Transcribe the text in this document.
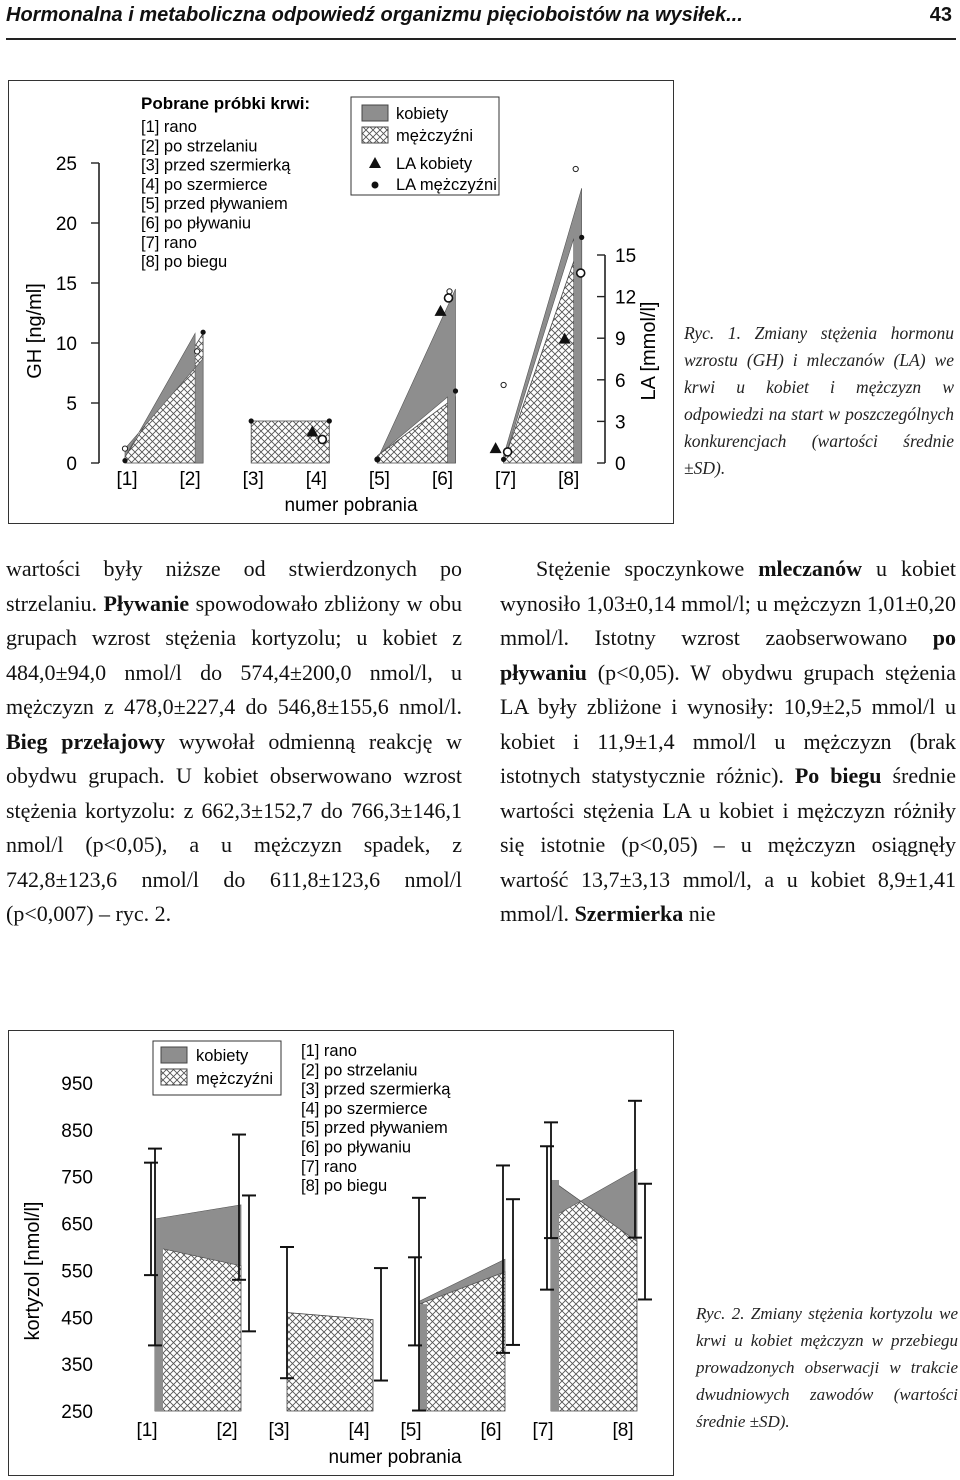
Hormonalna i metaboliczna odpowiedź organizmu pięcioboistów na wysiłek...	43
0
5
10
15
20
25
GH [ng/ml]
0
3
6
9
12
15
LA [mmol/l]
[1] [2] [3] [4] [5] [6] [7] [8]
numer pobrania
Pobrane próbki krwi:
[1] rano
[2] po strzelaniu
[3] przed szermierką
[4] po szermierce
[5] przed pływaniem
[6] po pływaniu
[7] rano
[8] po biegu
kobiety
mężczyźni
LA kobiety
LA mężczyźni
Ryc. 1. Zmiany stężenia hormonu wzrostu (GH) i mleczanów (LA) we krwi u kobiet i mężczyzn w odpowiedzi na start w poszczególnych konkurencjach (wartości średnie ±SD).

wartości były niższe od stwierdzonych po strzelaniu. Pływanie spowodowało zbliżony w obu grupach wzrost stężenia kortyzolu; u kobiet z 484,0±94,0 nmol/l do 574,4±200,0 nmol/l, u mężczyzn z 478,0±227,4 do 546,8±155,6 nmol/l. Bieg przełajowy wywołał odmienną reakcję w obydwu grupach. U kobiet obserwowano wzrost stężenia kortyzolu: z 662,3±152,7 do 766,3±146,1 nmol/l (p<0,05), a u mężczyzn spadek, z 742,8±123,6 nmol/l do 611,8±123,6 nmol/l (p<0,007) – ryc. 2.

Stężenie spoczynkowe mleczanów u kobiet wynosiło 1,03±0,14 mmol/l; u mężczyzn 1,01±0,20 mmol/l. Istotny wzrost zaobserwowano po pływaniu (p<0,05). W obydwu grupach stężenia LA były zbliżone i wynosiły: 10,9±2,5 mmol/l u kobiet i 11,9±1,4 mmol/l u mężczyzn (brak istotnych statystycznie różnic). Po biegu średnie wartości stężenia LA u kobiet i mężczyzn różniły się istotnie (p<0,05) – u mężczyzn osiągnęły wartość 13,7±3,13 mmol/l, a u kobiet 8,9±1,41 mmol/l. Szermierka nie

250
350
450
550
650
750
850
950
kortyzol [nmol/l]
[1]	[2] [3]	[4] [5]	[6] [7]	[8]
numer pobrania
kobiety
mężczyźni
[1] rano
[2] po strzelaniu
[3] przed szermierką
[4] po szermierce
[5] przed pływaniem
[6] po pływaniu
[7] rano
[8] po biegu
Ryc. 2. Zmiany stężenia kortyzolu we krwi u kobiet mężczyzn w przebiegu prowadzonych obserwacji w trakcie dwudniowych zawodów (wartości średnie ±SD).
